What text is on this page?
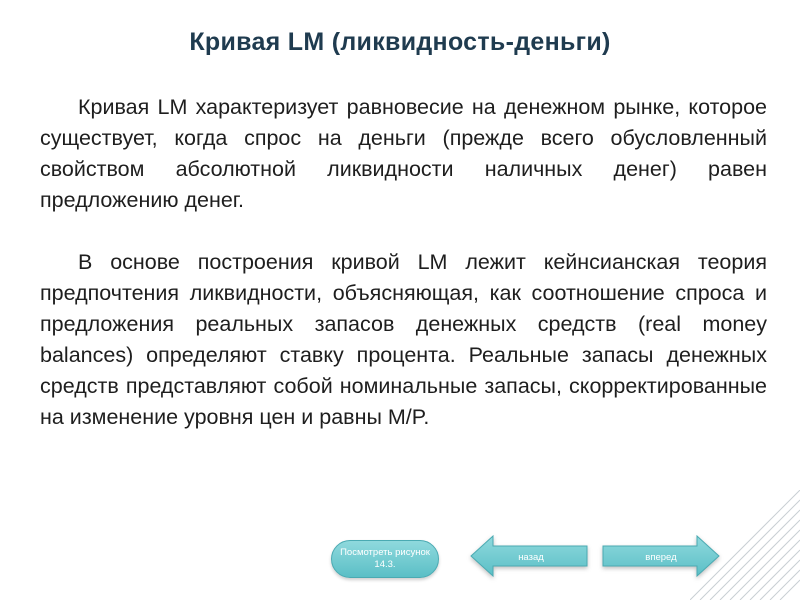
Кривая LM (ликвидность-деньги)

Кривая LM характеризует равновесие на денежном рынке, которое существует, когда спрос на деньги (прежде всего обусловленный свойством абсолютной ликвидности наличных денег) равен предложению денег.

В основе построения кривой LM лежит кейнсианская теория предпочтения ликвидности, объясняющая, как соотношение спроса и предложения реальных запасов денежных средств (real money balances) определяют ставку процента. Реальные запасы денежных средств представляют собой номинальные запасы, скорректированные на изменение уровня цен и равны M/P.

Посмотреть рисунок 14.3.
назад	вперед
